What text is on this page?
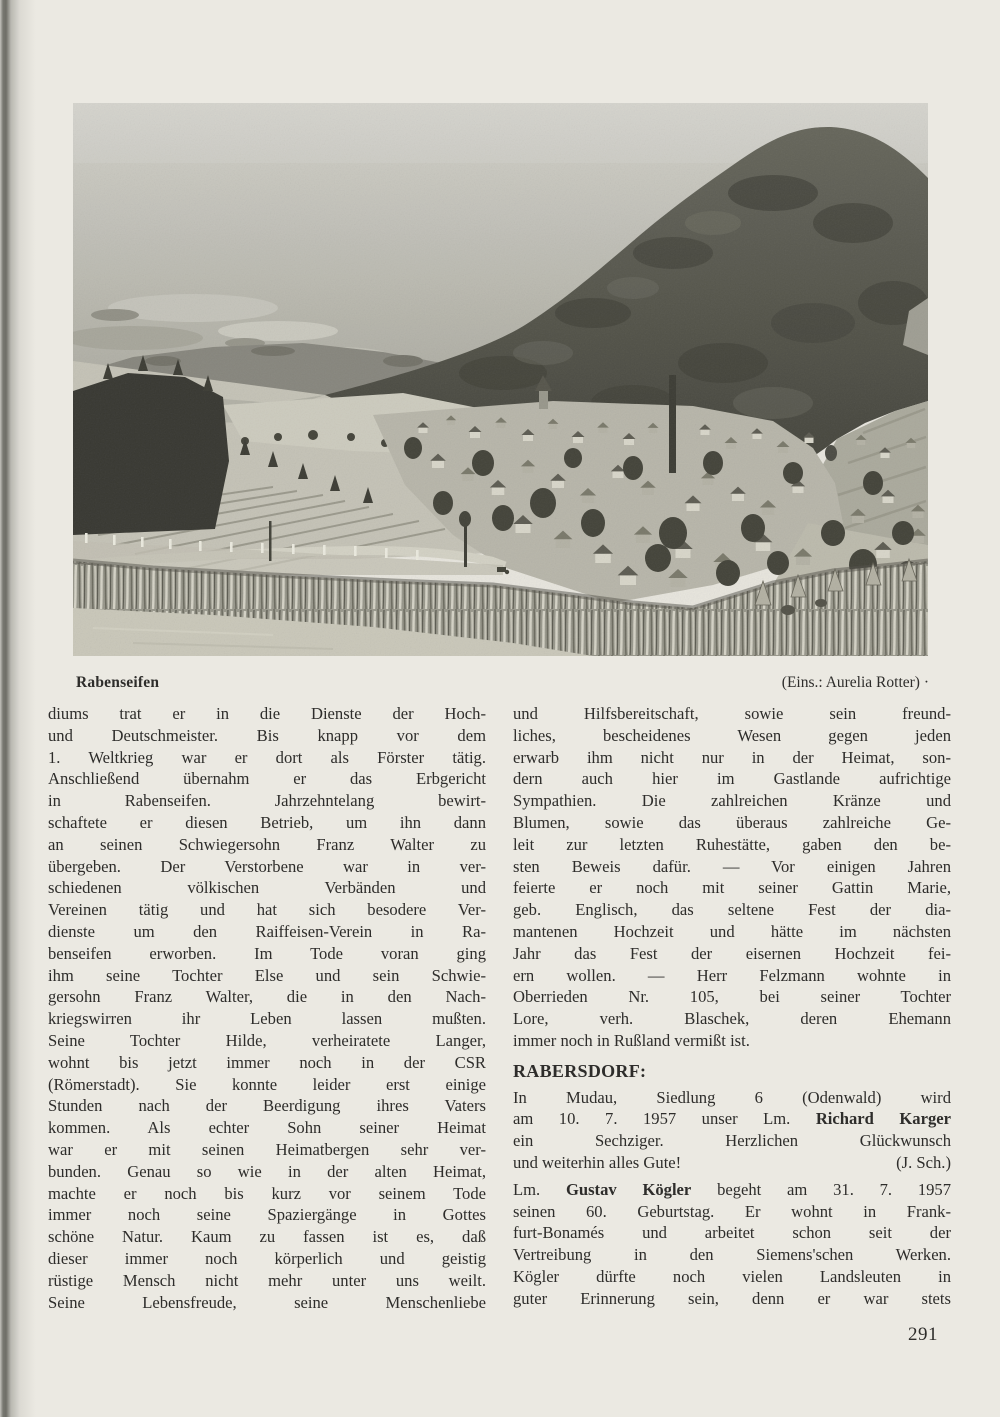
Rabenseifen	(Eins.: Aurelia Rotter) ·
diums trat er in die Dienste der Hoch-
und Deutschmeister. Bis knapp vor dem
1. Weltkrieg war er dort als Förster tätig.
Anschließend übernahm er das Erbgericht
in Rabenseifen. Jahrzehntelang bewirt-
schaftete er diesen Betrieb, um ihn dann
an seinen Schwiegersohn Franz Walter zu
übergeben. Der Verstorbene war in ver-
schiedenen völkischen Verbänden und
Vereinen tätig und hat sich besodere Ver-
dienste um den Raiffeisen-Verein in Ra-
benseifen erworben. Im Tode voran ging
ihm seine Tochter Else und sein Schwie-
gersohn Franz Walter, die in den Nach-
kriegswirren ihr Leben lassen mußten.
Seine Tochter Hilde, verheiratete Langer,
wohnt bis jetzt immer noch in der CSR
(Römerstadt). Sie konnte leider erst einige
Stunden nach der Beerdigung ihres Vaters
kommen. Als echter Sohn seiner Heimat
war er mit seinen Heimatbergen sehr ver-
bunden. Genau so wie in der alten Heimat,
machte er noch bis kurz vor seinem Tode
immer noch seine Spaziergänge in Gottes
schöne Natur. Kaum zu fassen ist es, daß
dieser immer noch körperlich und geistig
rüstige Mensch nicht mehr unter uns weilt.
Seine Lebensfreude, seine Menschenliebe
und Hilfsbereitschaft, sowie sein freund-
liches, bescheidenes Wesen gegen jeden
erwarb ihm nicht nur in der Heimat, son-
dern auch hier im Gastlande aufrichtige
Sympathien. Die zahlreichen Kränze und
Blumen, sowie das überaus zahlreiche Ge-
leit zur letzten Ruhestätte, gaben den be-
sten Beweis dafür. — Vor einigen Jahren
feierte er noch mit seiner Gattin Marie,
geb. Englisch, das seltene Fest der dia-
mantenen Hochzeit und hätte im nächsten
Jahr das Fest der eisernen Hochzeit fei-
ern wollen. — Herr Felzmann wohnte in
Oberrieden Nr. 105, bei seiner Tochter
Lore, verh. Blaschek, deren Ehemann
immer noch in Rußland vermißt ist.
RABERSDORF:
In Mudau, Siedlung 6 (Odenwald) wird
am 10. 7. 1957 unser Lm. Richard Karger
ein Sechziger. Herzlichen Glückwunsch
und weiterhin alles Gute!	(J. Sch.)
Lm. Gustav Kögler begeht am 31. 7. 1957
seinen 60. Geburtstag. Er wohnt in Frank-
furt-Bonamés und arbeitet schon seit der
Vertreibung in den Siemens'schen Werken.
Kögler dürfte noch vielen Landsleuten in
guter Erinnerung sein, denn er war stets
291
